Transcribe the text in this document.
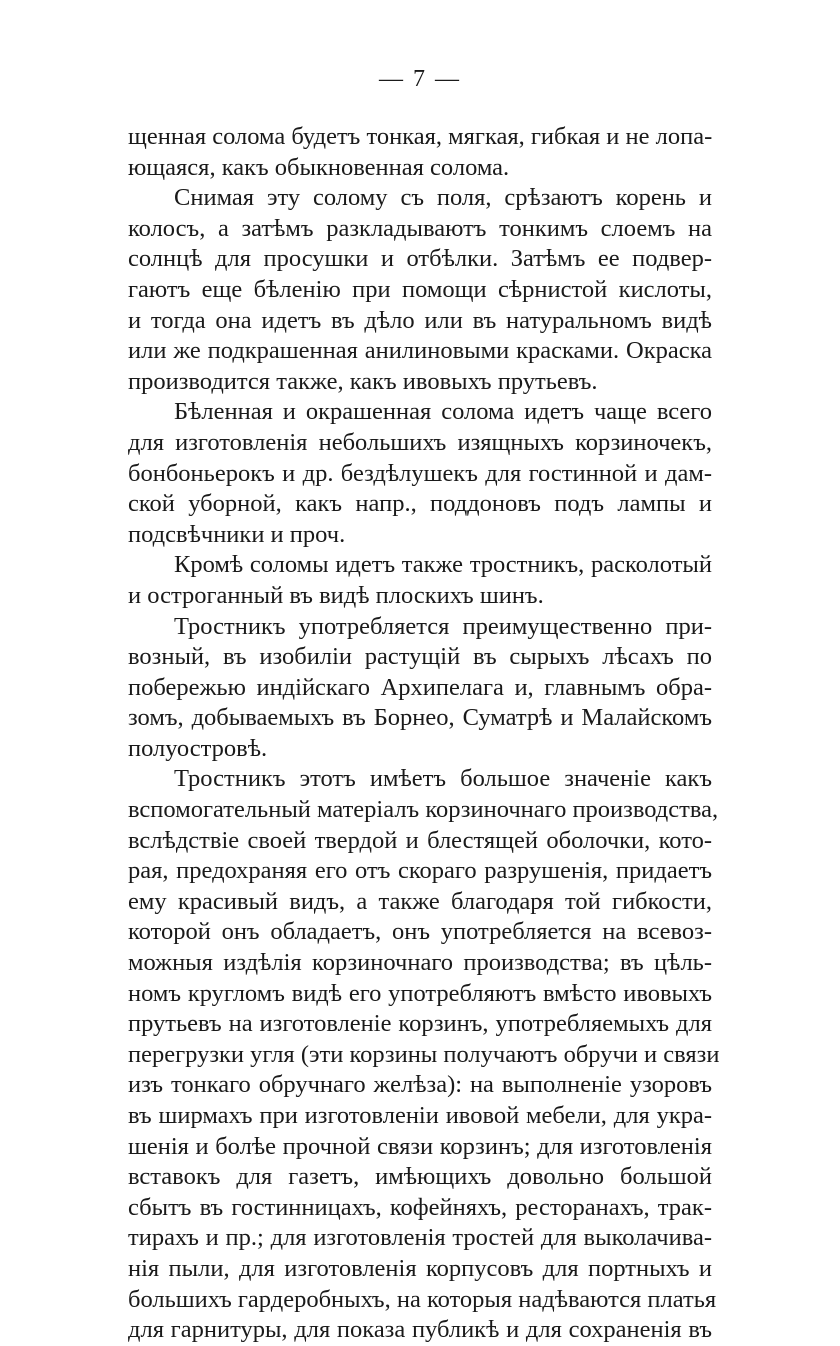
— 7 —
щенная солома будетъ тонкая, мягкая, гибкая и не лопа-
ющаяся, какъ обыкновенная солома.
Снимая эту солому съ поля, срѣзаютъ корень и
колосъ, а затѣмъ разкладываютъ тонкимъ слоемъ на
солнцѣ для просушки и отбѣлки. Затѣмъ ее подвер-
гаютъ еще бѣленію при помощи сѣрнистой кислоты,
и тогда она идетъ въ дѣло или въ натуральномъ видѣ
или же подкрашенная анилиновыми красками. Окраска
производится также, какъ ивовыхъ прутьевъ.
Бѣленная и окрашенная солома идетъ чаще всего
для изготовленія небольшихъ изящныхъ корзиночекъ,
бонбоньерокъ и др. бездѣлушекъ для гостинной и дам-
ской уборной, какъ напр., поддоновъ подъ лампы и
подсвѣчники и проч.
Кромѣ соломы идетъ также тростникъ, расколотый
и остроганный въ видѣ плоскихъ шинъ.
Тростникъ употребляется преимущественно при-
возный, въ изобиліи растущій въ сырыхъ лѣсахъ по
побережью индійскаго Архипелага и, главнымъ обра-
зомъ, добываемыхъ въ Борнео, Суматрѣ и Малайскомъ
полуостровѣ.
Тростникъ этотъ имѣетъ большое значеніе какъ
вспомогательный матеріалъ корзиночнаго производства,
вслѣдствіе своей твердой и блестящей оболочки, кото-
рая, предохраняя его отъ скораго разрушенія, придаетъ
ему красивый видъ, а также благодаря той гибкости,
которой онъ обладаетъ, онъ употребляется на всевоз-
можныя издѣлія корзиночнаго производства; въ цѣль-
номъ кругломъ видѣ его употребляютъ вмѣсто ивовыхъ
прутьевъ на изготовленіе корзинъ, употребляемыхъ для
перегрузки угля (эти корзины получаютъ обручи и связи
изъ тонкаго обручнаго желѣза): на выполненіе узоровъ
въ ширмахъ при изготовленіи ивовой мебели, для укра-
шенія и болѣе прочной связи корзинъ; для изготовленія
вставокъ для газетъ, имѣющихъ довольно большой
сбытъ въ гостинницахъ, кофейняхъ, ресторанахъ, трак-
тирахъ и пр.; для изготовленія тростей для выколачива-
нія пыли, для изготовленія корпусовъ для портныхъ и
большихъ гардеробныхъ, на которыя надѣваются платья
для гарнитуры, для показа публикѣ и для сохраненія въ
